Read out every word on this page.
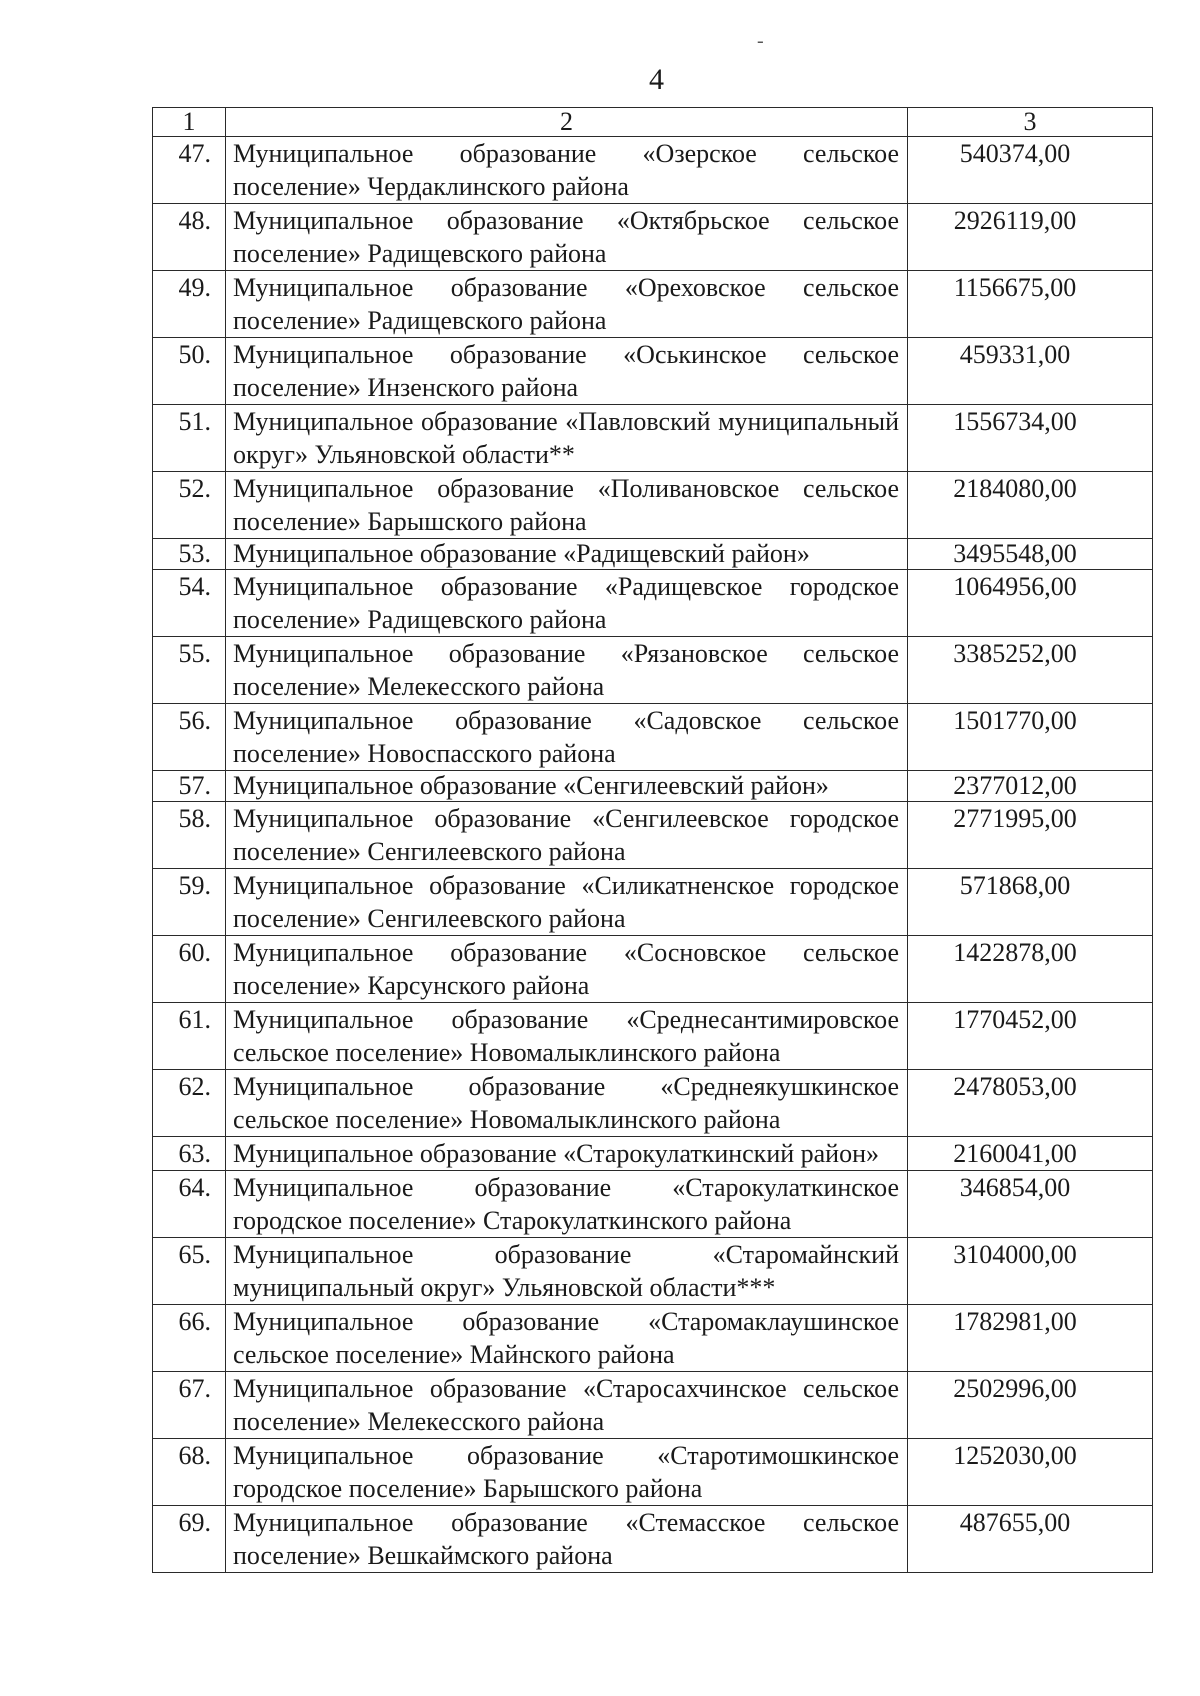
4
1	2	3
47.	Муниципальное образование «Озерское сельское поселение» Чердаклинского района	540374,00
48.	Муниципальное образование «Октябрьское сельское поселение» Радищевского района	2926119,00
49.	Муниципальное образование «Ореховское сельское поселение» Радищевского района	1156675,00
50.	Муниципальное образование «Оськинское сельское поселение» Инзенского района	459331,00
51.	Муниципальное образование «Павловский муниципальный округ» Ульяновской области**	1556734,00
52.	Муниципальное образование «Поливановское сельское поселение» Барышского района	2184080,00
53.	Муниципальное образование «Радищевский район»	3495548,00
54.	Муниципальное образование «Радищевское городское поселение» Радищевского района	1064956,00
55.	Муниципальное образование «Рязановское сельское поселение» Мелекесского района	3385252,00
56.	Муниципальное образование «Садовское сельское поселение» Новоспасского района	1501770,00
57.	Муниципальное образование «Сенгилеевский район»	2377012,00
58.	Муниципальное образование «Сенгилеевское городское поселение» Сенгилеевского района	2771995,00
59.	Муниципальное образование «Силикатненское городское поселение» Сенгилеевского района	571868,00
60.	Муниципальное образование «Сосновское сельское поселение» Карсунского района	1422878,00
61.	Муниципальное образование «Среднесантимировское сельское поселение» Новомалыклинского района	1770452,00
62.	Муниципальное образование «Среднеякушкинское сельское поселение» Новомалыклинского района	2478053,00
63.	Муниципальное образование «Старокулаткинский район»	2160041,00
64.	Муниципальное образование «Старокулаткинское городское поселение» Старокулаткинского района	346854,00
65.	Муниципальное образование «Старомайнский муниципальный округ» Ульяновской области***	3104000,00
66.	Муниципальное образование «Старомаклаушинское сельское поселение» Майнского района	1782981,00
67.	Муниципальное образование «Старосахчинское сельское поселение» Мелекесского района	2502996,00
68.	Муниципальное образование «Старотимошкинское городское поселение» Барышского района	1252030,00
69.	Муниципальное образование «Стемасское сельское поселение» Вешкаймского района	487655,00
-
